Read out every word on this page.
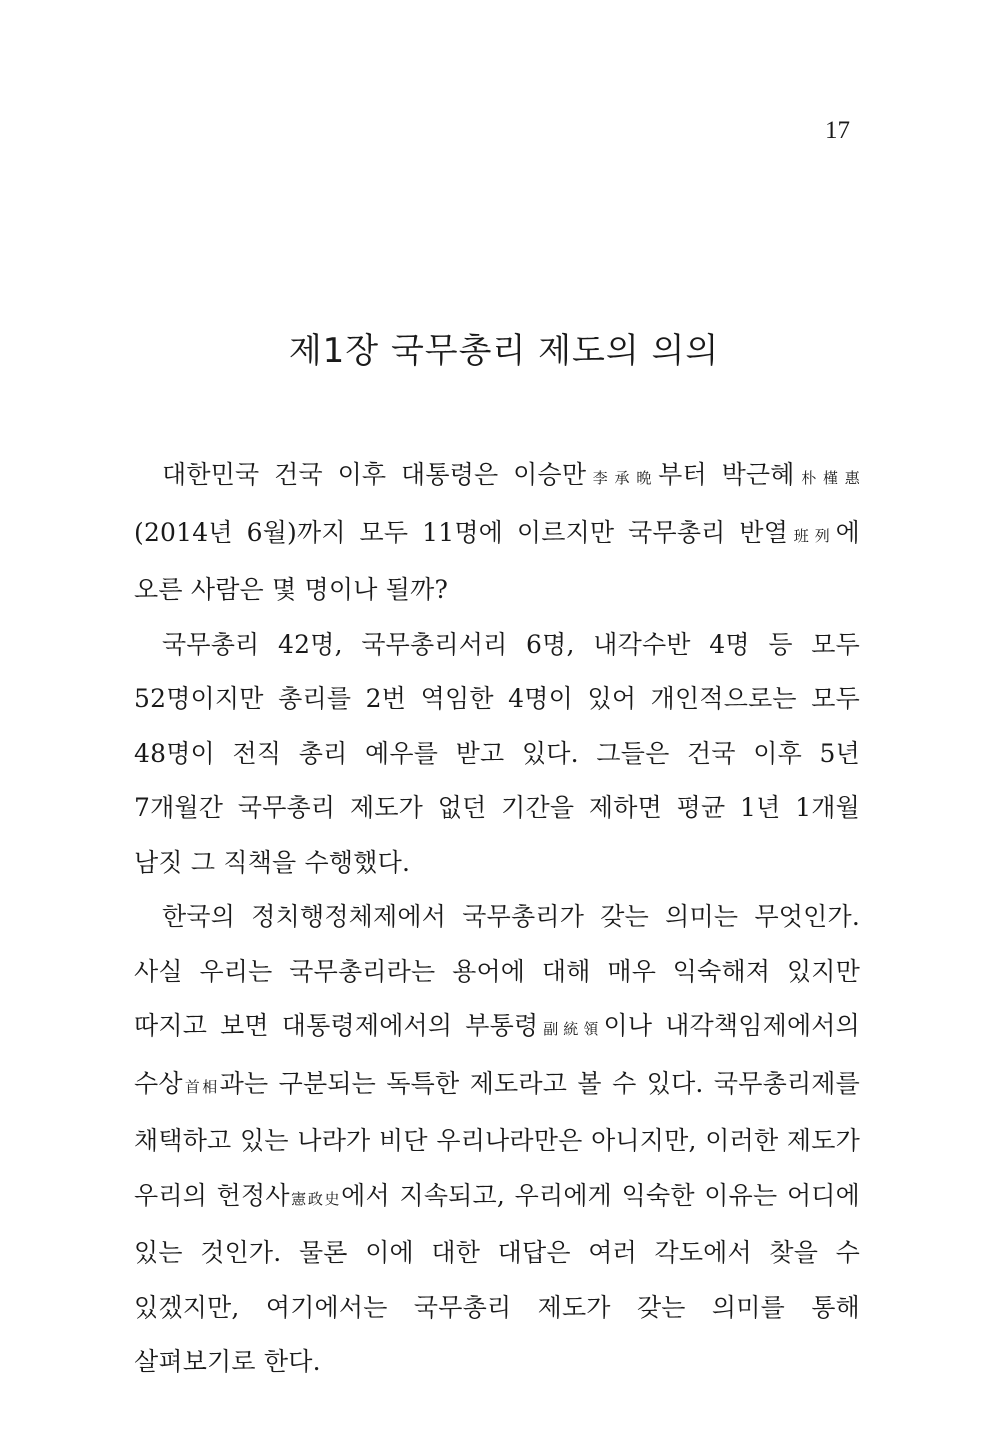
17
제1장 국무총리 제도의 의의

대한민국 건국 이후 대통령은 이승만李承晩부터 박근혜朴槿惠(2014년 6월)까지 모두 11명에 이르지만 국무총리 반열班列에 오른 사람은 몇 명이나 될까?

국무총리 42명, 국무총리서리 6명, 내각수반 4명 등 모두 52명이지만 총리를 2번 역임한 4명이 있어 개인적으로는 모두 48명이 전직 총리 예우를 받고 있다. 그들은 건국 이후 5년 7개월간 국무총리 제도가 없던 기간을 제하면 평균 1년 1개월 남짓 그 직책을 수행했다.

한국의 정치행정체제에서 국무총리가 갖는 의미는 무엇인가. 사실 우리는 국무총리라는 용어에 대해 매우 익숙해져 있지만 따지고 보면 대통령제에서의 부통령副統領이나 내각책임제에서의 수상首相과는 구분되는 독특한 제도라고 볼 수 있다. 국무총리제를 채택하고 있는 나라가 비단 우리나라만은 아니지만, 이러한 제도가 우리의 헌정사憲政史에서 지속되고, 우리에게 익숙한 이유는 어디에 있는 것인가. 물론 이에 대한 대답은 여러 각도에서 찾을 수 있겠지만, 여기에서는 국무총리 제도가 갖는 의미를 통해 살펴보기로 한다.
